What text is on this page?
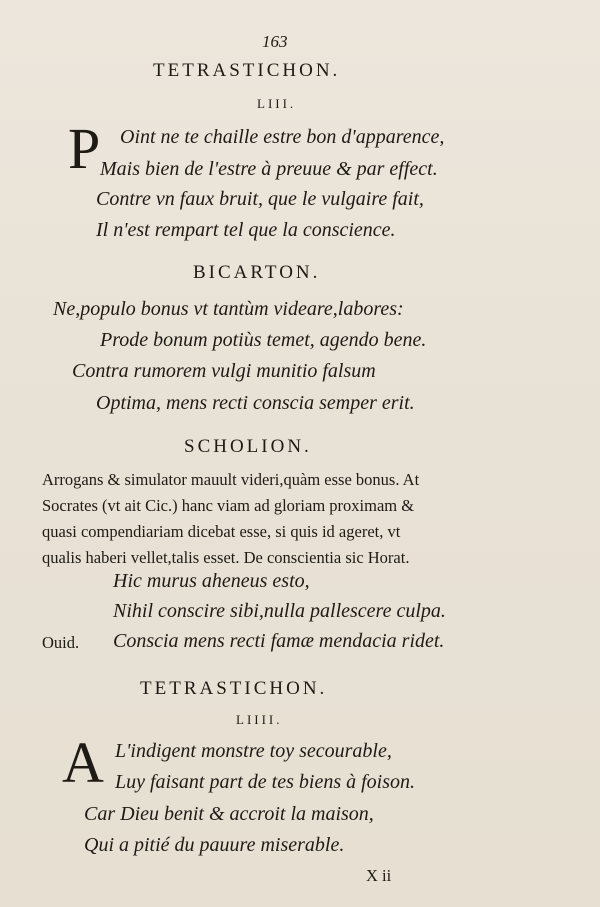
163
TETRASTICHON.
LIII.
P Oint ne te chaille estre bon d'apparence,
Mais bien de l'estre à preuue & par effect.
Contre vn faux bruit, que le vulgaire fait,
Il n'est rempart tel que la conscience.
BICARTON.
Ne,populo bonus vt tantùm videare,labores:
Prode bonum potiùs temet, agendo bene.
Contra rumorem vulgi munitio falsum
Optima, mens recti conscia semper erit.
SCHOLION.
Arrogans & simulator mauult videri,quàm esse bonus. At
Socrates (vt ait Cic.) hanc viam ad gloriam proximam &
quasi compendiariam dicebat esse, si quis id ageret, vt
qualis haberi vellet,talis esset. De conscientia sic Horat.
Hic murus aheneus esto,
Nihil conscire sibi,nulla pallescere culpa.
Ouid. Conscia mens recti famæ mendacia ridet.
TETRASTICHON.
LIIII.
A L'indigent monstre toy secourable,
Luy faisant part de tes biens à foison.
Car Dieu benit & accroit la maison,
Qui a pitié du pauure miserable.
X ii
